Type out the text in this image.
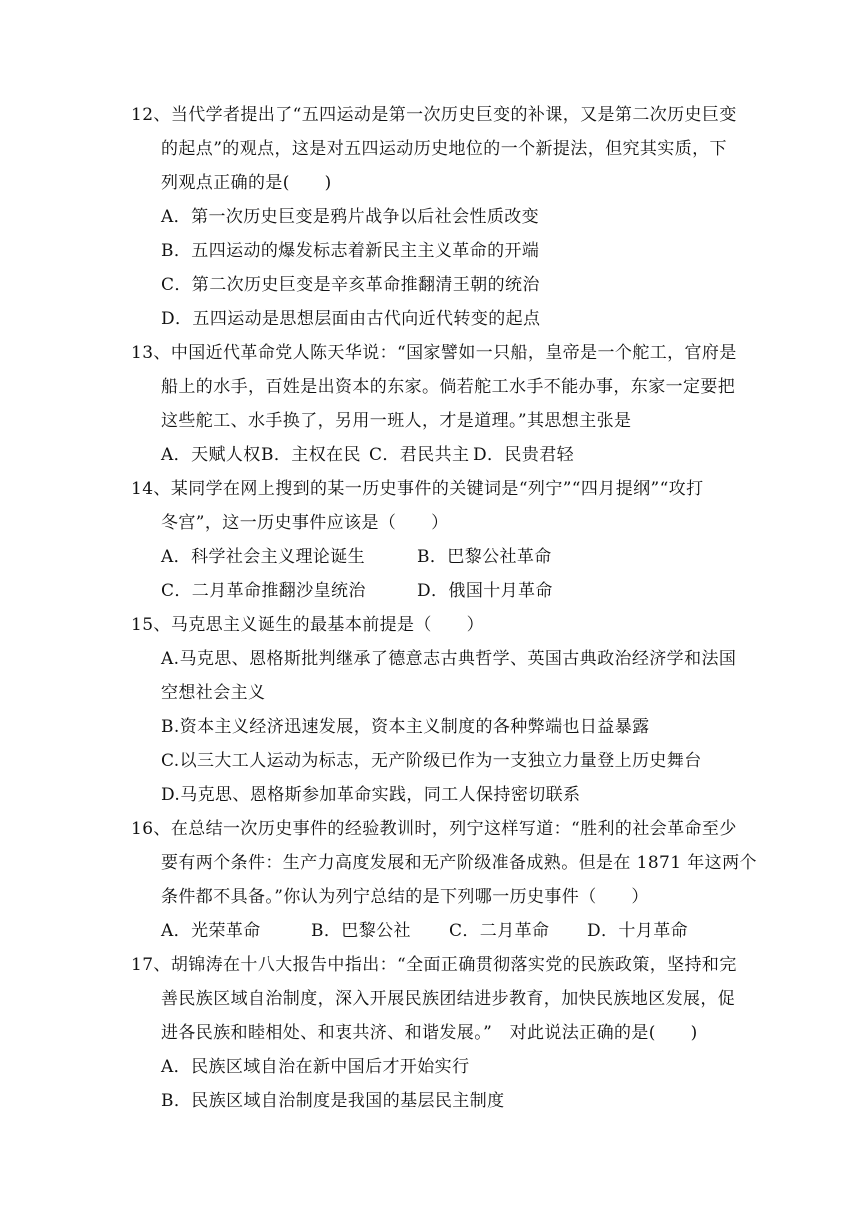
12、当代学者提出了“五四运动是第一次历史巨变的补课，又是第二次历史巨变
的起点”的观点，这是对五四运动历史地位的一个新提法，但究其实质，下
列观点正确的是(　　)
A．第一次历史巨变是鸦片战争以后社会性质改变
B．五四运动的爆发标志着新民主主义革命的开端
C．第二次历史巨变是辛亥革命推翻清王朝的统治
D．五四运动是思想层面由古代向近代转变的起点
13、中国近代革命党人陈天华说：“国家譬如一只船，皇帝是一个舵工，官府是
船上的水手，百姓是出资本的东家。倘若舵工水手不能办事，东家一定要把
这些舵工、水手换了，另用一班人，才是道理。”其思想主张是
A．天赋人权B．主权在民 C．君民共主 D．民贵君轻
14、某同学在网上搜到的某一历史事件的关键词是“列宁”“四月提纲”“攻打
冬宫”，这一历史事件应该是（　　）
A．科学社会主义理论诞生	B．巴黎公社革命
C．二月革命推翻沙皇统治	D．俄国十月革命
15、马克思主义诞生的最基本前提是（　　）
A.马克思、恩格斯批判继承了德意志古典哲学、英国古典政治经济学和法国
空想社会主义
B.资本主义经济迅速发展，资本主义制度的各种弊端也日益暴露
C.以三大工人运动为标志，无产阶级已作为一支独立力量登上历史舞台
D.马克思、恩格斯参加革命实践，同工人保持密切联系
16、在总结一次历史事件的经验教训时，列宁这样写道：“胜利的社会革命至少
要有两个条件：生产力高度发展和无产阶级准备成熟。但是在 1871 年这两个
条件都不具备。”你认为列宁总结的是下列哪一历史事件（　　）
A．光荣革命	B．巴黎公社 C．二月革命 D．十月革命
17、胡锦涛在十八大报告中指出：“全面正确贯彻落实党的民族政策，坚持和完
善民族区域自治制度，深入开展民族团结进步教育，加快民族地区发展，促
进各民族和睦相处、和衷共济、和谐发展。”　对此说法正确的是(　　)
A．民族区域自治在新中国后才开始实行
B．民族区域自治制度是我国的基层民主制度
